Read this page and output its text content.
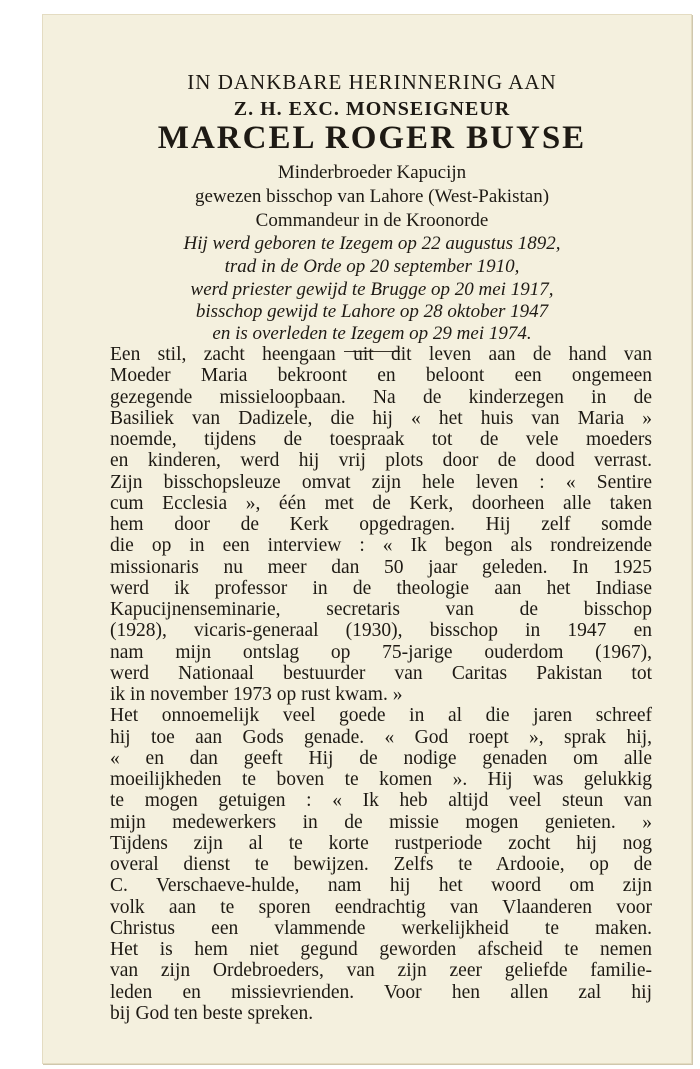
IN DANKBARE HERINNERING AAN
Z. H. EXC. MONSEIGNEUR
MARCEL ROGER BUYSE
Minderbroeder Kapucijn
gewezen bisschop van Lahore (West-Pakistan)
Commandeur in de Kroonorde
Hij werd geboren te Izegem op 22 augustus 1892,
trad in de Orde op 20 september 1910,
werd priester gewijd te Brugge op 20 mei 1917,
bisschop gewijd te Lahore op 28 oktober 1947
en is overleden te Izegem op 29 mei 1974.
Een stil, zacht heengaan uit dit leven aan de hand van
Moeder Maria bekroont en beloont een ongemeen
gezegende missieloopbaan. Na de kinderzegen in de
Basiliek van Dadizele, die hij « het huis van Maria »
noemde, tijdens de toespraak tot de vele moeders
en kinderen, werd hij vrij plots door de dood verrast.
Zijn bisschopsleuze omvat zijn hele leven : « Sentire
cum Ecclesia », één met de Kerk, doorheen alle taken
hem door de Kerk opgedragen. Hij zelf somde
die op in een interview : « Ik begon als rondreizende
missionaris nu meer dan 50 jaar geleden. In 1925
werd ik professor in de theologie aan het Indiase
Kapucijnenseminarie, secretaris van de bisschop
(1928), vicaris-generaal (1930), bisschop in 1947 en
nam mijn ontslag op 75-jarige ouderdom (1967),
werd Nationaal bestuurder van Caritas Pakistan tot
ik in november 1973 op rust kwam. »
Het onnoemelijk veel goede in al die jaren schreef
hij toe aan Gods genade. « God roept », sprak hij,
« en dan geeft Hij de nodige genaden om alle
moeilijkheden te boven te komen ». Hij was gelukkig
te mogen getuigen : « Ik heb altijd veel steun van
mijn medewerkers in de missie mogen genieten. »
Tijdens zijn al te korte rustperiode zocht hij nog
overal dienst te bewijzen. Zelfs te Ardooie, op de
C. Verschaeve-hulde, nam hij het woord om zijn
volk aan te sporen eendrachtig van Vlaanderen voor
Christus een vlammende werkelijkheid te maken.
Het is hem niet gegund geworden afscheid te nemen
van zijn Ordebroeders, van zijn zeer geliefde familie-
leden en missievrienden. Voor hen allen zal hij
bij God ten beste spreken.
